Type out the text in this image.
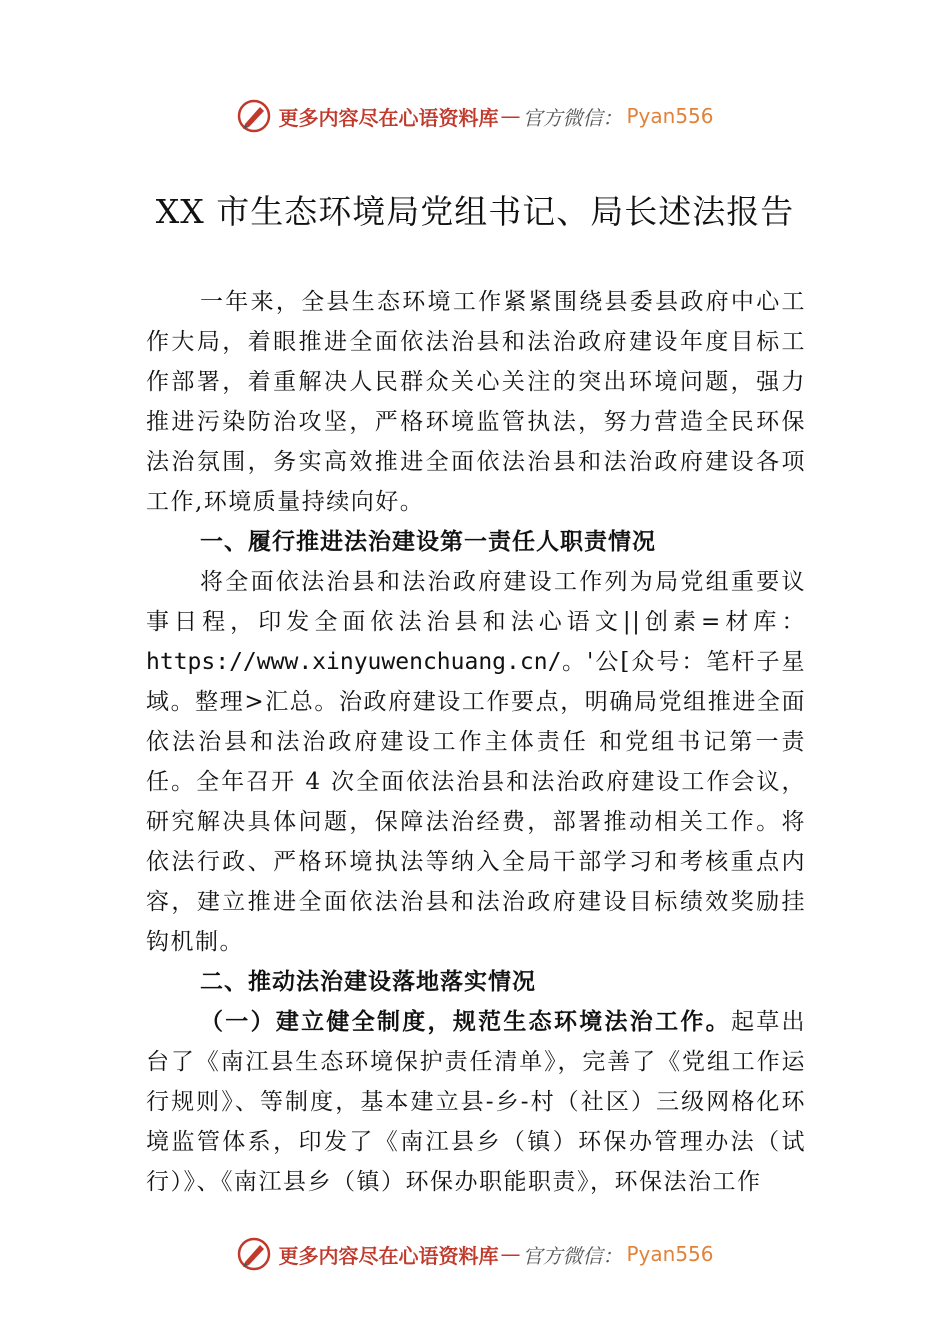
更多内容尽在心语资料库 — 官方微信： Pyan556
XX 市生态环境局党组书记、局长述法报告

一年来，全县生态环境工作紧紧围绕县委县政府中心工作大局，着眼推进全面依法治县和法治政府建设年度目标工作部署，着重解决人民群众关心关注的突出环境问题，强力推进污染防治攻坚，严格环境监管执法，努力营造全民环保法治氛围，务实高效推进全面依法治县和法治政府建设各项工作,环境质量持续向好。

一、履行推进法治建设第一责任人职责情况

将全面依法治县和法治政府建设工作列为局党组重要议事日程，印发全面依法治县和法心语文||创素=材库：https://www.xinyuwenchuang.cn/。'公[众号：笔杆子星域。整理>汇总。治政府建设工作要点，明确局党组推进全面依法治县和法治政府建设工作主体责任 和党组书记第一责任。全年召开 4 次全面依法治县和法治政府建设工作会议，研究解决具体问题，保障法治经费，部署推动相关工作。将依法行政、严格环境执法等纳入全局干部学习和考核重点内容，建立推进全面依法治县和法治政府建设目标绩效奖励挂钩机制。

二、推动法治建设落地落实情况

（一）建立健全制度，规范生态环境法治工作。起草出台了《南江县生态环境保护责任清单》，完善了《党组工作运行规则》、等制度，基本建立县-乡-村（社区）三级网格化环境监管体系，印发了《南江县乡（镇）环保办管理办法（试行）》、《南江县乡（镇）环保办职能职责》，环保法治工作

更多内容尽在心语资料库 — 官方微信： Pyan556
